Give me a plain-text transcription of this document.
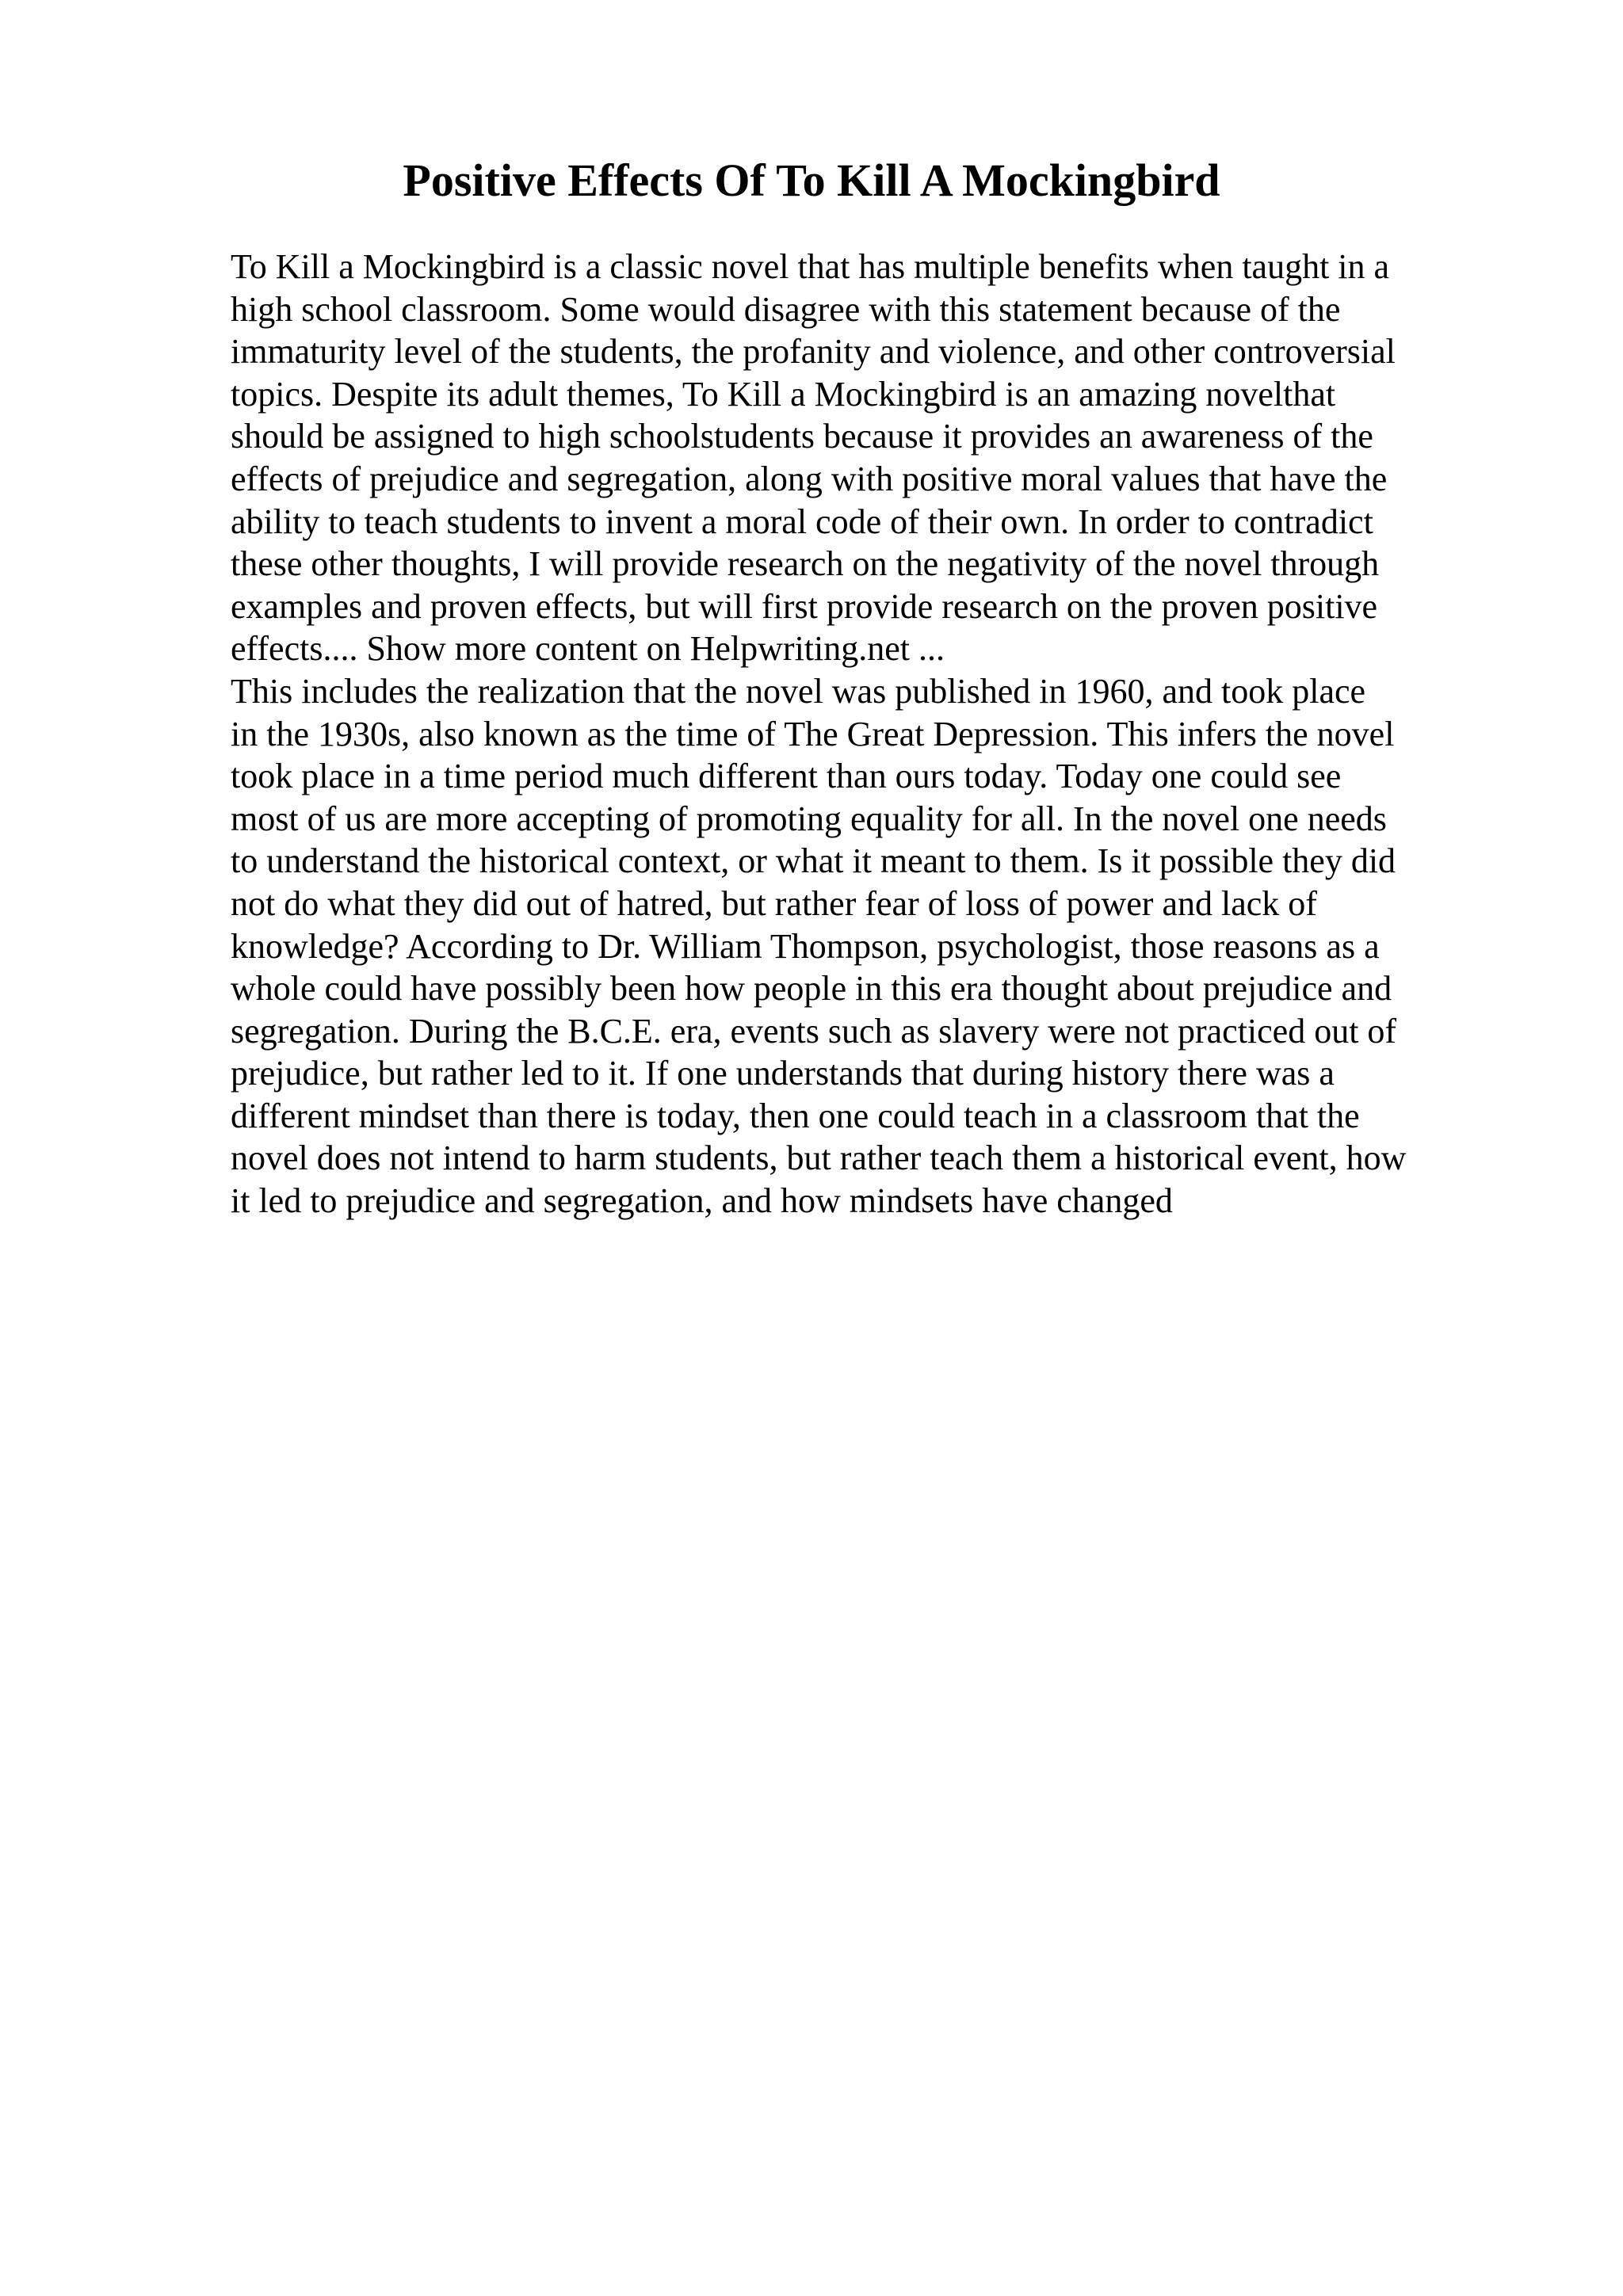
Positive Effects Of To Kill A Mockingbird
To Kill a Mockingbird is a classic novel that has multiple benefits when taught in a
high school classroom. Some would disagree with this statement because of the
immaturity level of the students, the profanity and violence, and other controversial
topics. Despite its adult themes, To Kill a Mockingbird is an amazing novelthat
should be assigned to high schoolstudents because it provides an awareness of the
effects of prejudice and segregation, along with positive moral values that have the
ability to teach students to invent a moral code of their own. In order to contradict
these other thoughts, I will provide research on the negativity of the novel through
examples and proven effects, but will first provide research on the proven positive
effects.... Show more content on Helpwriting.net ...
This includes the realization that the novel was published in 1960, and took place
in the 1930s, also known as the time of The Great Depression. This infers the novel
took place in a time period much different than ours today. Today one could see
most of us are more accepting of promoting equality for all. In the novel one needs
to understand the historical context, or what it meant to them. Is it possible they did
not do what they did out of hatred, but rather fear of loss of power and lack of
knowledge? According to Dr. William Thompson, psychologist, those reasons as a
whole could have possibly been how people in this era thought about prejudice and
segregation. During the B.C.E. era, events such as slavery were not practiced out of
prejudice, but rather led to it. If one understands that during history there was a
different mindset than there is today, then one could teach in a classroom that the
novel does not intend to harm students, but rather teach them a historical event, how
it led to prejudice and segregation, and how mindsets have changed
